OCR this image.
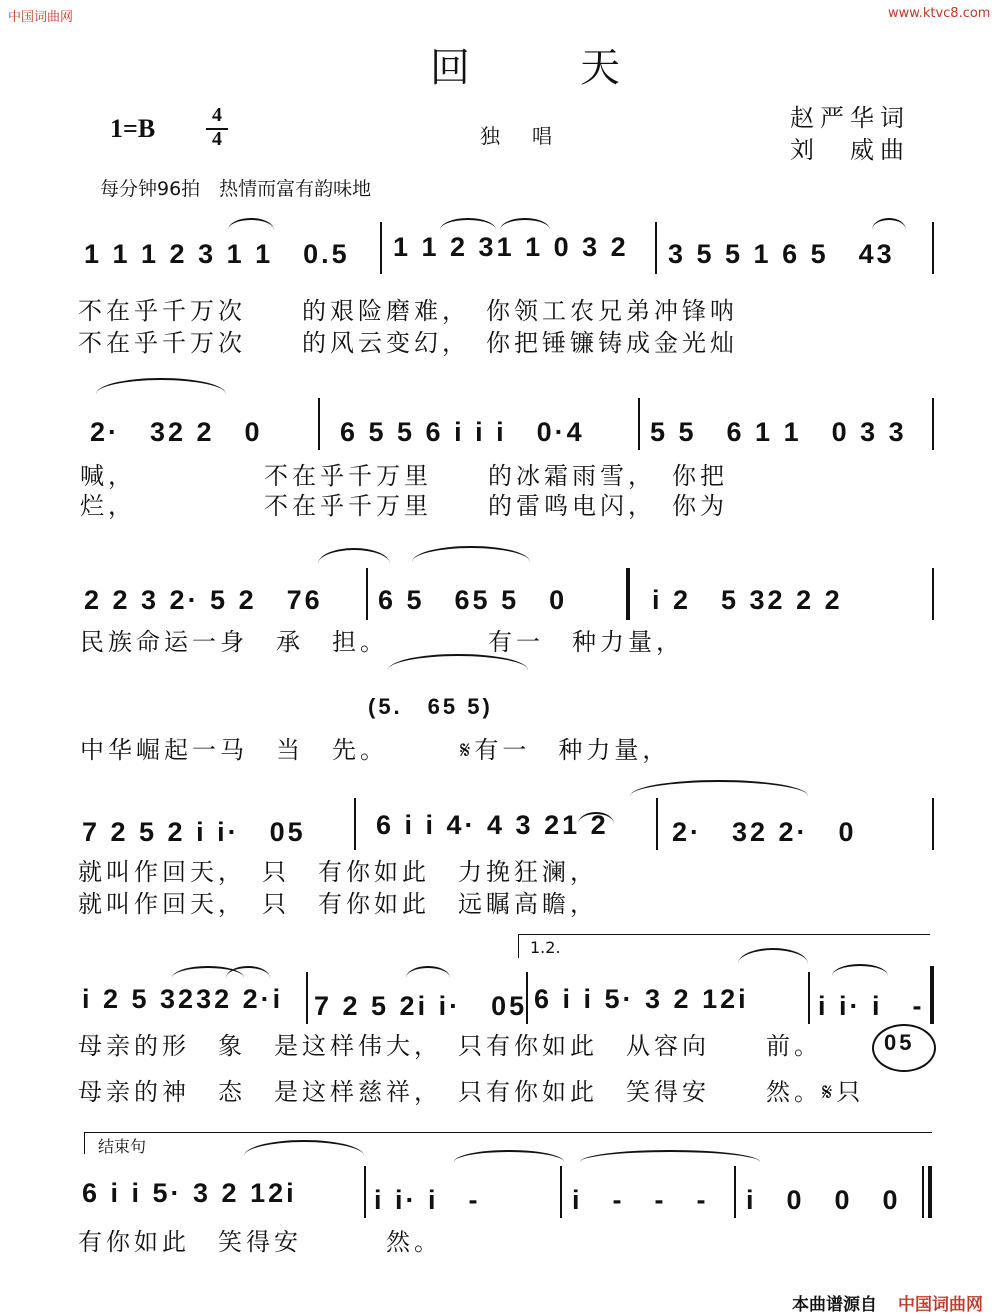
中国词曲网	www.ktvc8.com
回天
1=B	4
4	独　唱
赵严华词
刘　威曲
每分钟96拍　热情而富有韵味地
1 1 1 2 3 1 1　0.5 1 1 2 31 1 0 3 2 3 5 5 1 6 5　43
不在乎千万次　　的艰险磨难，　你领工农兄弟冲锋呐
不在乎千万次　　的风云变幻，　你把锤镰铸成金光灿
2·　32 2　0	6 5 5 6 i i i　0·4 5 5　6 1 1　0 3 3
喊，　　　　　不在乎千万里　　的冰霜雨雪，　你把
烂，　　　　　不在乎千万里　　的雷鸣电闪，　你为
2 2 3 2· 5 2　76 6 5　65 5　0	i 2　5 32 2 2
民族命运一身　承　担。　　　　有一　种力量，
(5.　65 5)
中华崛起一马　当　先。　　　𝄋有一　种力量，
7 2 5 2 i i·　05	6 i i 4· 4 3 21 2 2·　32 2·　0
就叫作回天，　只　有你如此　力挽狂澜，
就叫作回天，　只　有你如此　远瞩高瞻，
1.2.
i 2 5 3232 2·i 7 2 5 2i i·　05 6 i i 5· 3 2 12i	i i· i　-
母亲的形　象　是这样伟大，　只有你如此　从容向　　前。	05
母亲的神　态　是这样慈祥，　只有你如此　笑得安　　然。𝄋只
结束句
6 i i 5· 3 2 12i	i i· i　-	i　-　-　- i　0　0　0
有你如此　笑得安　　　然。
本曲谱源自 中国词曲网
